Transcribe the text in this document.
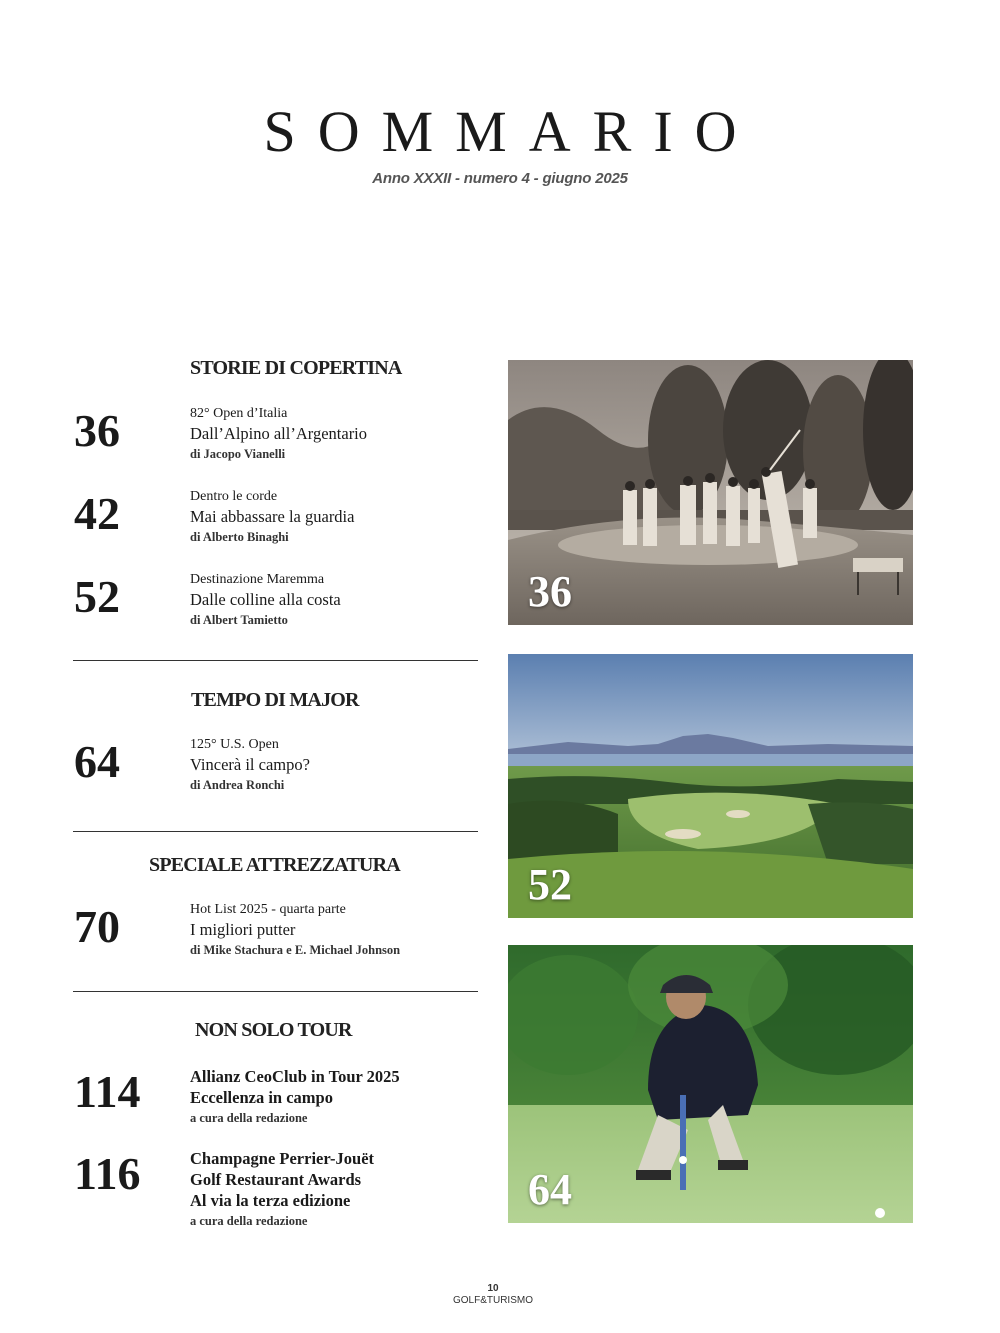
SOMMARIO
Anno XXXII - numero 4 - giugno 2025
STORIE DI COPERTINA
36	82° Open d’Italia
Dall’Alpino all’Argentario
di Jacopo Vianelli
42	Dentro le corde
Mai abbassare la guardia
di Alberto Binaghi
52	Destinazione Maremma
Dalle colline alla costa
di Albert Tamietto
TEMPO DI MAJOR
64	125° U.S. Open
Vincerà il campo?
di Andrea Ronchi
SPECIALE ATTREZZATURA
70	Hot List 2025 - quarta parte
I migliori putter
di Mike Stachura e E. Michael Johnson
NON SOLO TOUR
114	Allianz CeoClub in Tour 2025
Eccellenza in campo
a cura della redazione
116	Champagne Perrier-Jouët
Golf Restaurant Awards
Al via la terza edizione
a cura della redazione
36
52
64
10
GOLF&TURISMO
